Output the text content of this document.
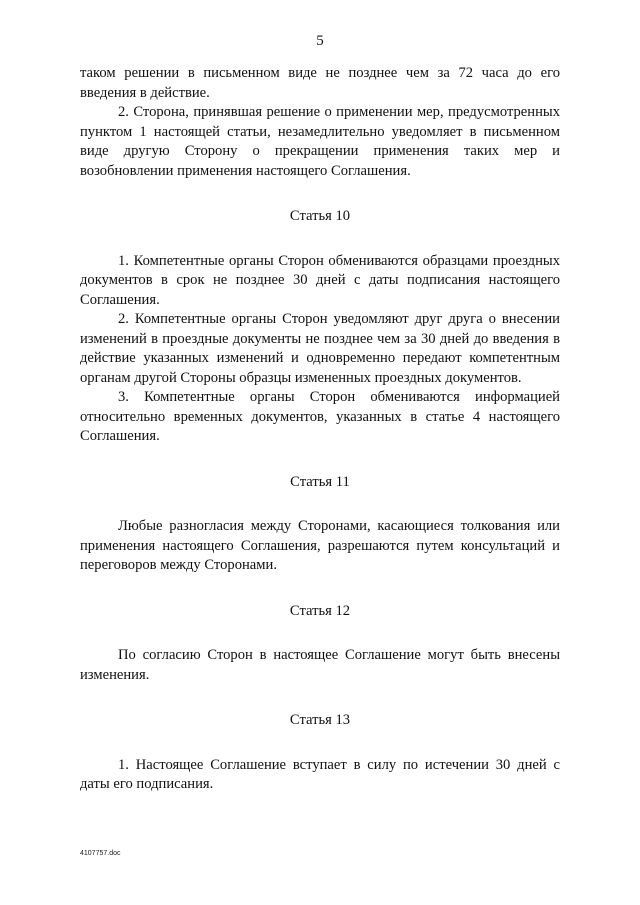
5

таком решении в письменном виде не позднее чем за 72 часа до его введения в действие.

2. Сторона, принявшая решение о применении мер, предусмотренных пунктом 1 настоящей статьи, незамедлительно уведомляет в письменном виде другую Сторону о прекращении применения таких мер и возобновлении применения настоящего Соглашения.

Статья 10

1. Компетентные органы Сторон обмениваются образцами проездных документов в срок не позднее 30 дней с даты подписания настоящего Соглашения.

2. Компетентные органы Сторон уведомляют друг друга о внесении изменений в проездные документы не позднее чем за 30 дней до введения в действие указанных изменений и одновременно передают компетентным органам другой Стороны образцы измененных проездных документов.

3. Компетентные органы Сторон обмениваются информацией относительно временных документов, указанных в статье 4 настоящего Соглашения.

Статья 11

Любые разногласия между Сторонами, касающиеся толкования или применения настоящего Соглашения, разрешаются путем консультаций и переговоров между Сторонами.

Статья 12

По согласию Сторон в настоящее Соглашение могут быть внесены изменения.

Статья 13

1. Настоящее Соглашение вступает в силу по истечении 30 дней с даты его подписания.

4107757.doc
